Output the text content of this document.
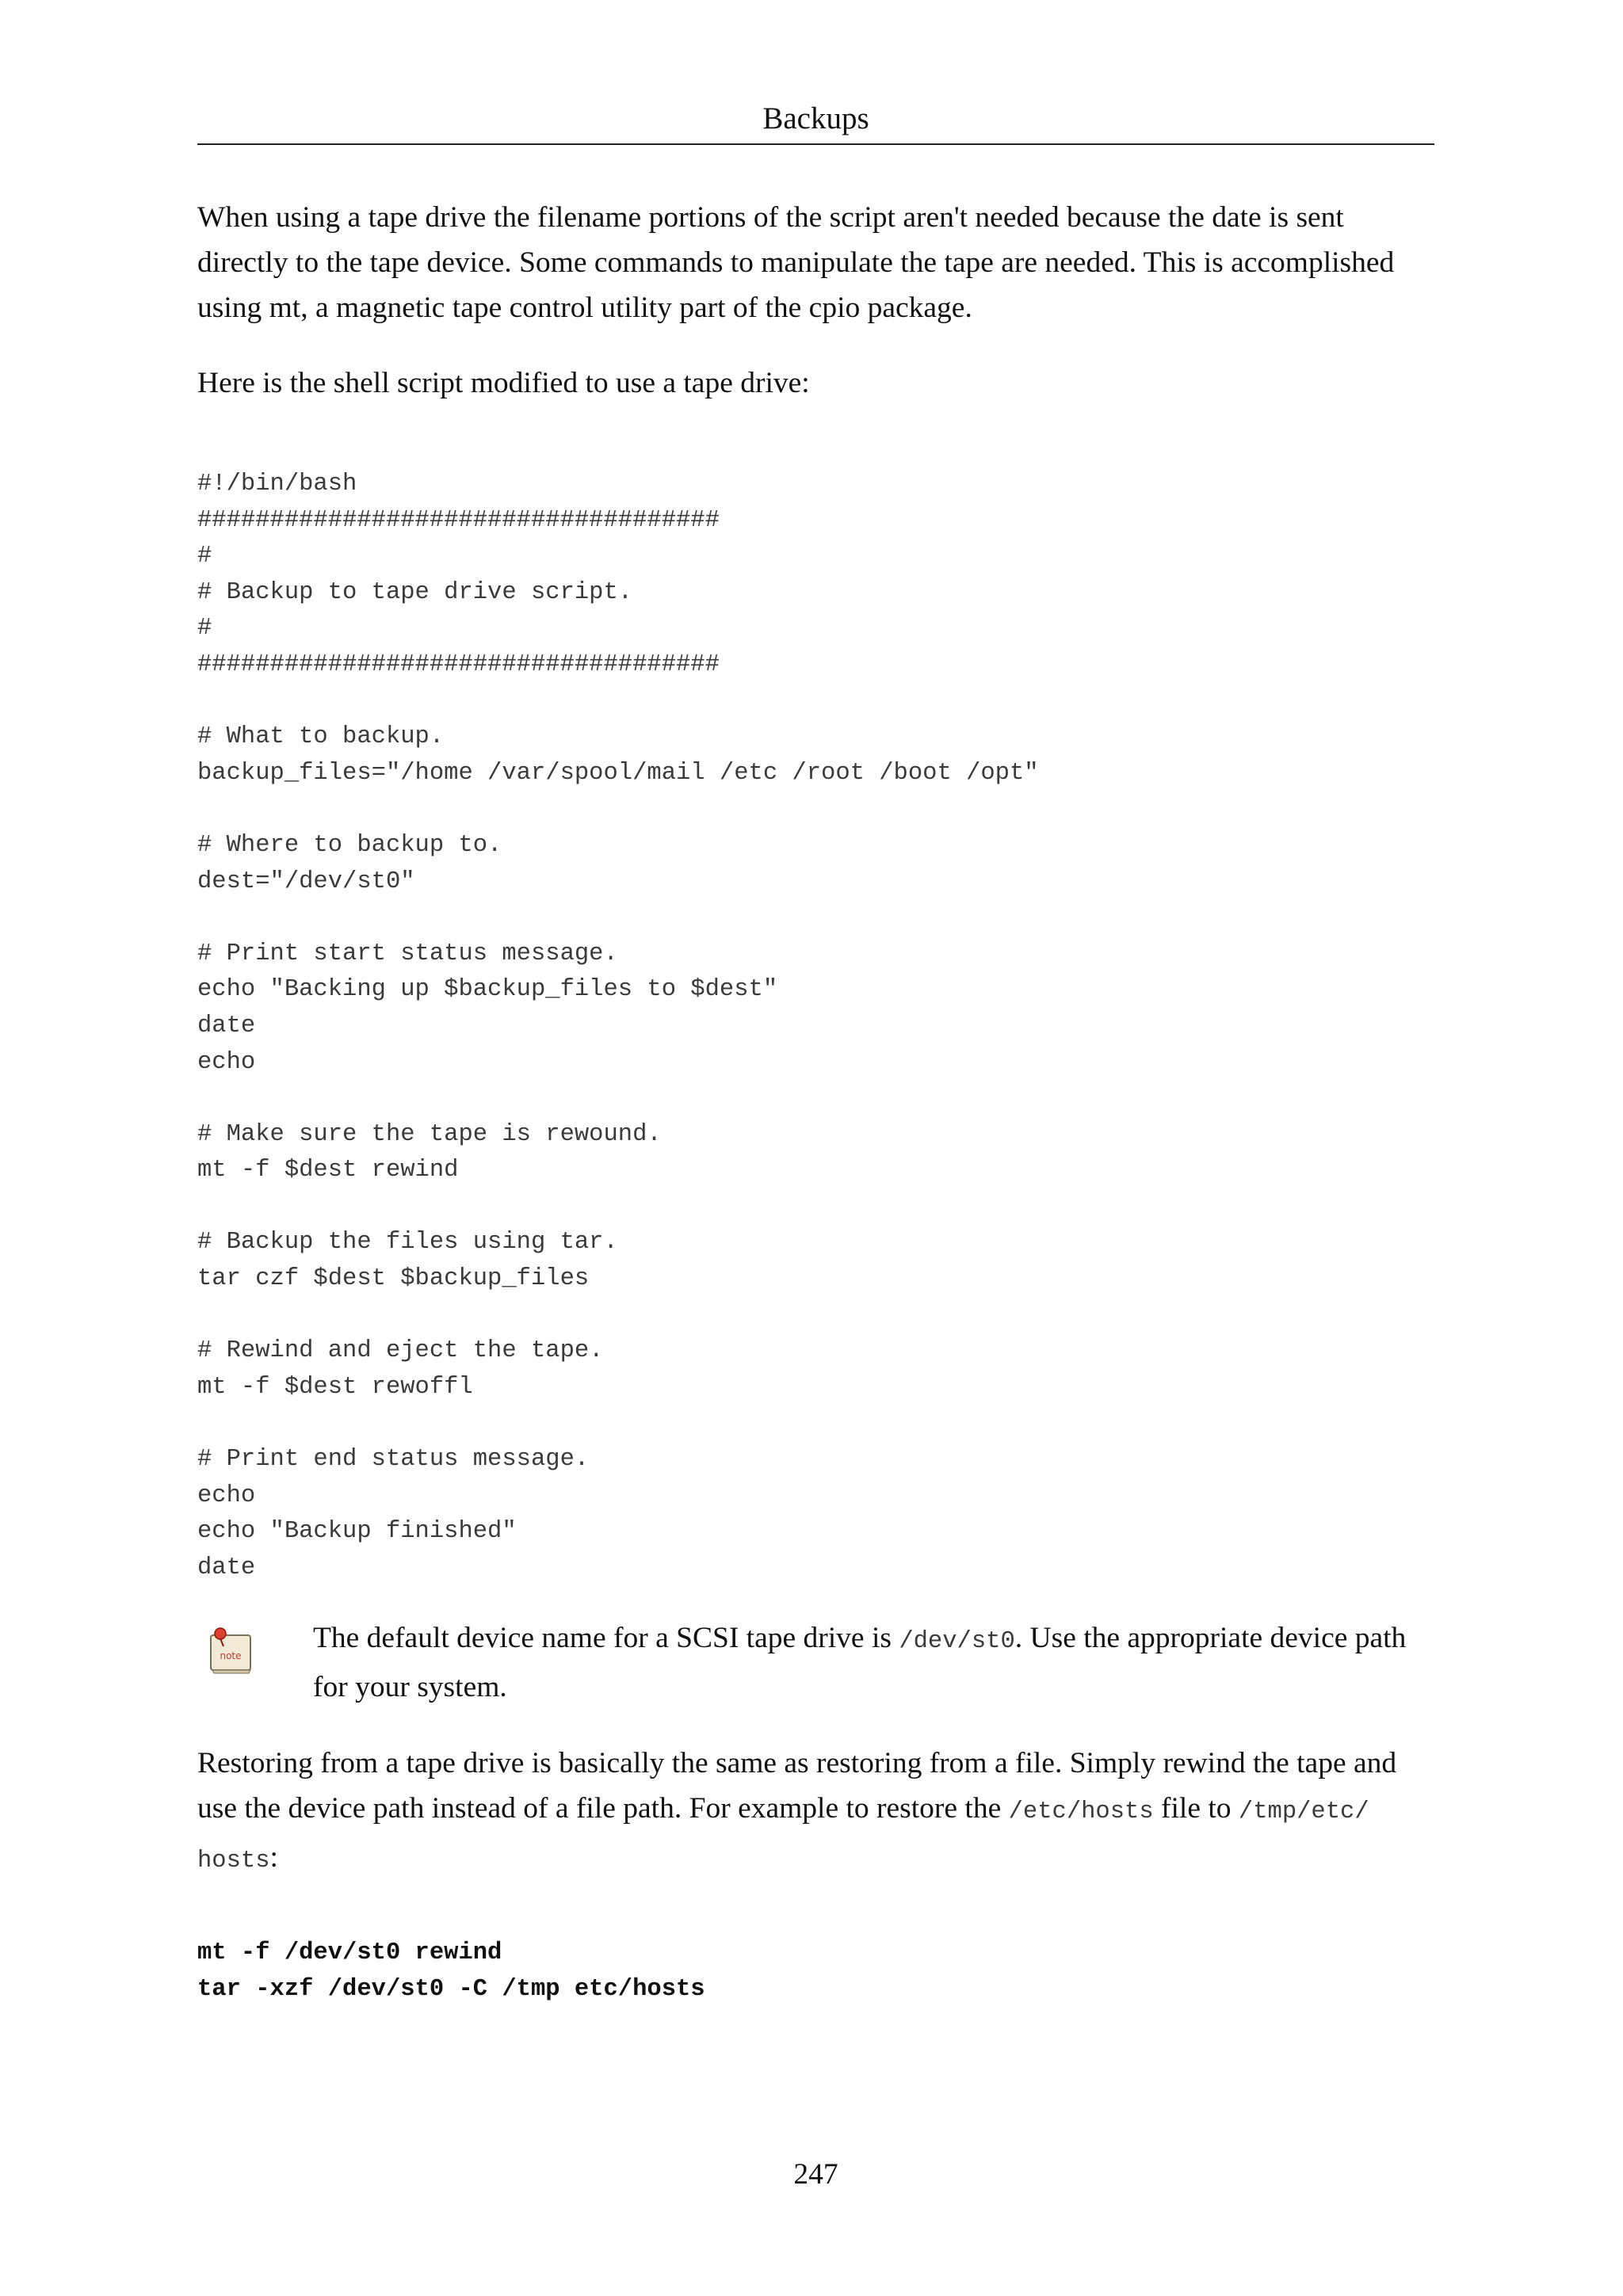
Backups

When using a tape drive the filename portions of the script aren't needed because the date is sent directly to the tape device. Some commands to manipulate the tape are needed. This is accomplished using mt, a magnetic tape control utility part of the cpio package.

Here is the shell script modified to use a tape drive:

#!/bin/bash
####################################
#
# Backup to tape drive script.
#
####################################

# What to backup.
backup_files="/home /var/spool/mail /etc /root /boot /opt"

# Where to backup to.
dest="/dev/st0"

# Print start status message.
echo "Backing up $backup_files to $dest"
date
echo

# Make sure the tape is rewound.
mt -f $dest rewind

# Backup the files using tar.
tar czf $dest $backup_files

# Rewind and eject the tape.
mt -f $dest rewoffl

# Print end status message.
echo
echo "Backup finished"
date
note

The default device name for a SCSI tape drive is /dev/st0. Use the appropriate device path for your system.

Restoring from a tape drive is basically the same as restoring from a file. Simply rewind the tape and use the device path instead of a file path. For example to restore the /etc/hosts file to /tmp/etc/ hosts:

mt -f /dev/st0 rewind
tar -xzf /dev/st0 -C /tmp etc/hosts
247
